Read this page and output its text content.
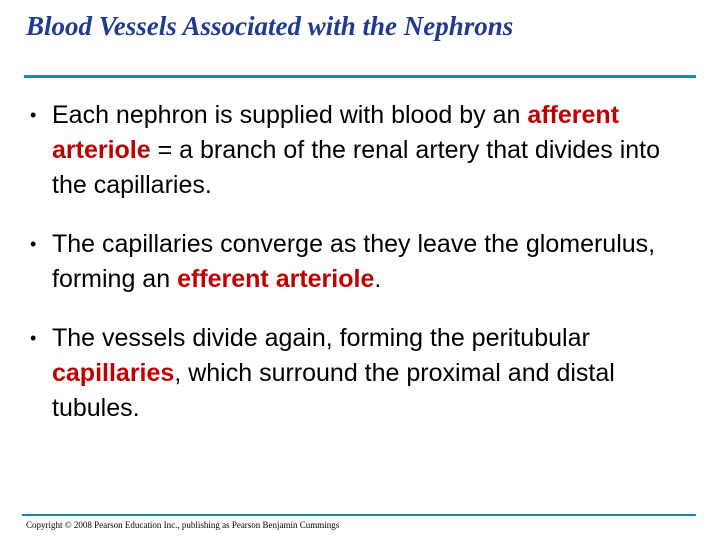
Blood Vessels Associated with the Nephrons
• Each nephron is supplied with blood by an afferent arteriole = a branch of the renal artery that divides into the capillaries.
• The capillaries converge as they leave the glomerulus, forming an efferent arteriole.
• The vessels divide again, forming the peritubular capillaries, which surround the proximal and distal tubules.
Copyright © 2008 Pearson Education Inc., publishing as Pearson Benjamin Cummings
